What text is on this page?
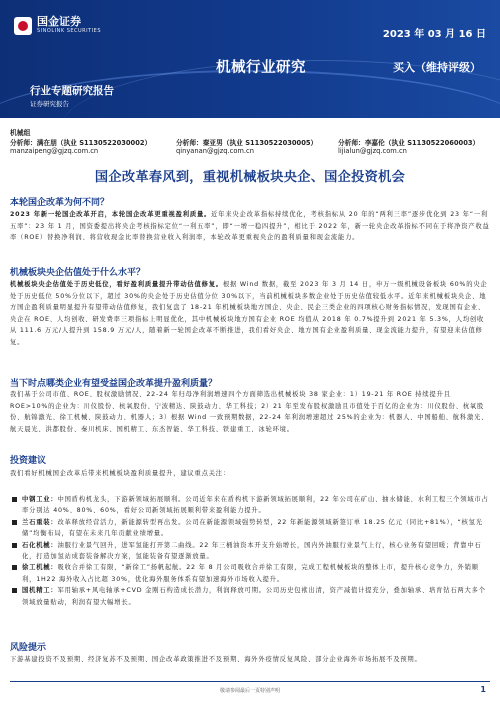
国金证券
SINOLINK SECURITIES	2023 年 03 月 16 日
机械行业研究	买入（维持评级）
行业专题研究报告
证券研究报告
机械组
分析师：满在朋（执业 S1130522030002）	分析师：秦亚男（执业 S1130522030005）	分析师：李嘉伦（执业 S1130522060003）
manzaipeng@gjzq.com.cn	qinyanan@gjzq.com.cn	lijialun@gjzq.com.cn
国企改革春风到，重视机械板块央企、国企投资机会
本轮国企改革为何不同？
2023 年新一轮国企改革开启，本轮国企改革更重视盈利质量。近年来央企改革指标持续优化，考核指标从 20 年的“两利三率”逐步优化到 23 年“一利五率”：23 年 1 月，国资委提出将央企考核指标定位“一利五率”，即“一增一稳四提升”，相比于 2022 年，新一轮央企改革指标不同在于将净资产收益率（ROE）替换净利润、将营收现金比率替换营业收入利润率，本轮改革更重视央企的盈利质量和现金流能力。
机械板块央企估值处于什么水平？
机械板块央企估值处于历史低位，看好盈利质量提升带动估值修复。根据 Wind 数据，截至 2023 年 3 月 14 日，申万一级机械设备板块 60%的央企处于历史低位 50%分位以下，超过 30%的央企处于历史估值分位 30%以下，当前机械板块多数企业处于历史估值较低水平。近年来机械板块央企、地方国企盈利质量明显提升有望带动估值修复，我们复盘了 18-21 年机械板块地方国企、央企、民企三类企业的四项核心财务指标情况，发现国有企业、央企在 ROE、人均创收、研发费率三项指标上明显优化，其中机械板块地方国有企业 ROE 均值从 2018 年 0.7%提升到 2021 年 5.3%，人均创收从 111.6 万元/人提升到 158.9 万元/人，随着新一轮国企改革不断推进，我们看好央企、地方国有企业盈利质量、现金流能力提升，有望迎来估值修复。
当下时点哪类企业有望受益国企改革提升盈利质量？
我们基于公司市值、ROE、股权激励情况、22-24 年归母净利润增速四个方面筛选出机械板块 38 家企业：1）19-21 年 ROE 持续提升且 ROE>10%的企业为：川仪股份、杭氧股份、宁波精达、陕鼓动力、华工科技；2）21 年至发布股权激励且市值处于百亿的企业为：川仪股份、杭氧股份、航锦激光、徐工机械、陕鼓动力、机器人；3）根据 Wind 一致预期数据，22-24 年利润增速超过 25%的企业为：机器人、中国船舶、航科激光、航天晨光、洪都股份、秦川机床、国机精工、东杰智能、华工科技、铁建重工、冰轮环境。
投资建议
我们看好机械国企改革后带来机械板块盈利质量提升，建议重点关注：
中钢工业：中国盾构机龙头，下游新领域拓展顺利。公司近年来在盾构机下游新领域拓展顺利，22 年公司在矿山、抽水储能、水利工程三个领域市占率分别达 40%、80%、60%，看好公司新领域拓展顺利带来盈利能力提升。
兰石重装：改革释放经营活力，新能源转型再出发。公司在新能源领域强势转型，22 年新能源领域新签订单 18.25 亿元（同比+81%），“核氢光储”均衡布局，有望在未来几年贡献业绩增量。
石化机械：油服行业景气回升，进军氢能打开第二曲线。22 年三桶油资本开支升始增长，国内外油服行业景气上行，核心业务有望回暖；背靠中石化，打造加氢站成套装备解决方案，氢能装备有望逐渐放量。
徐工机械：吸收合并徐工有限，“新徐工”扬帆起航。22 年 8 月公司吸收合并徐工有限，完成工程机械板块的整体上市，提升核心竞争力，外销顺利，1H22 海外收入占比超 30%，优化海外服务体系有望加速海外市场收入提升。
国机精工：军用轴承+风电轴承+CVD 金刚石构造成长潜力，利润释放可期。公司历史包袱出清，资产减值计提充分，叠加轴承、培育钻石两大多个领域放量贴动，利润有望大幅增长。
风险提示
下游基建投资不及预期、经济复苏不及预期、国企改革政策推进不及预期、海外外疫情反复风险、部分企业海外市场拓展不及预期。
敬请参阅最后一页特别声明	1
